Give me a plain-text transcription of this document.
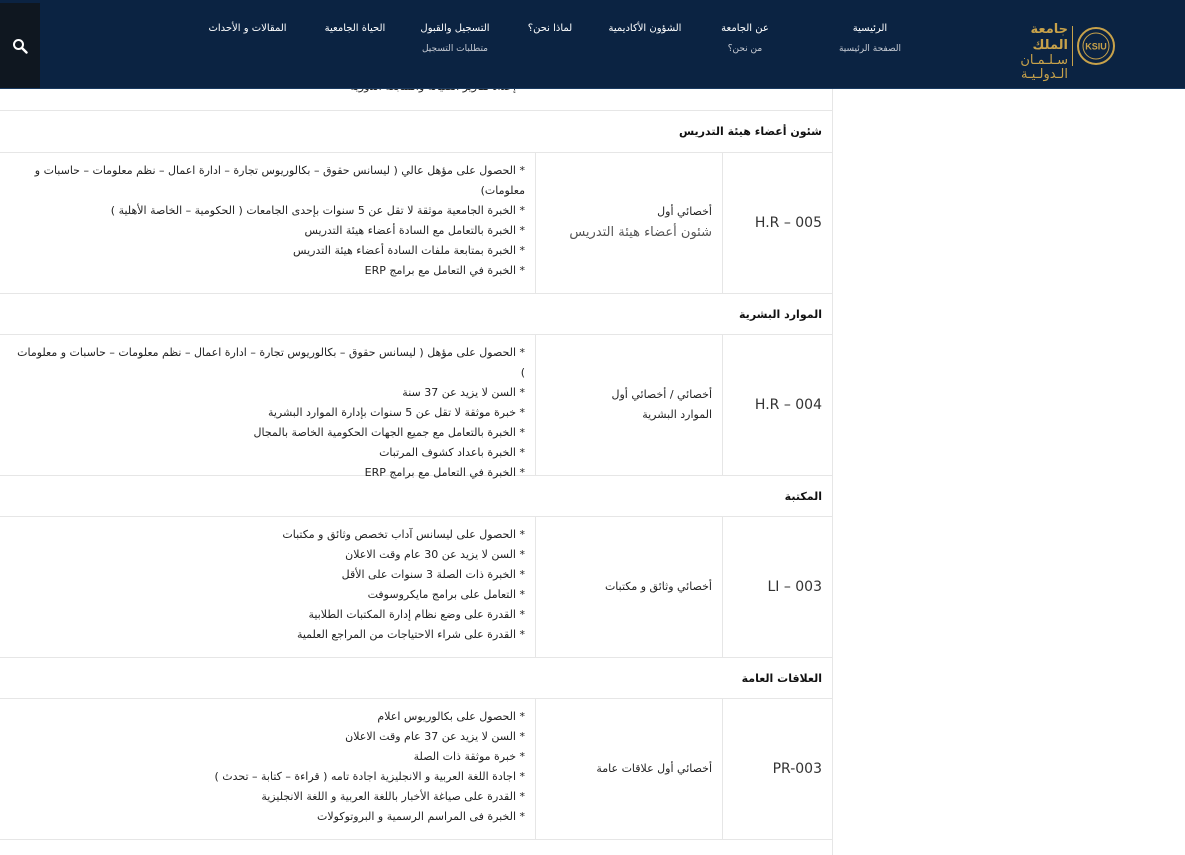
شئون أعضاء هيئة التدريس
H.R – 005
أخصائي أول
شئون أعضاء هيئة التدريس
* الحصول على مؤهل عالي ( ليسانس حقوق – بكالوريوس تجارة – ادارة اعمال – نظم معلومات – حاسبات و معلومات)
* الخبرة الجامعية موثقة لا تقل عن 5 سنوات بإحدى الجامعات ( الحكومية – الخاصة الأهلية )
* الخبرة بالتعامل مع السادة أعضاء هيئة التدريس
* الخبرة بمتابعة ملفات السادة أعضاء هيئة التدريس
* الخبرة في التعامل مع برامج ERP
الموارد البشرية
H.R – 004
أخصائي / أخصائي أول
الموارد البشرية
* الحصول على مؤهل ( ليسانس حقوق – بكالوريوس تجارة – ادارة اعمال – نظم معلومات – حاسبات و معلومات )
* السن لا يزيد عن 37 سنة
* خبرة موثقة لا تقل عن 5 سنوات بإدارة الموارد البشرية
* الخبرة بالتعامل مع جميع الجهات الحكومية الخاصة بالمجال
* الخبرة باعداد كشوف المرتبات
* الخبرة في التعامل مع برامج ERP
المكتبة
LI – 003
أخصائي وثائق و مكتبات
* الحصول على ليسانس آداب تخصص وثائق و مكتبات
* السن لا يزيد عن 30 عام وقت الاعلان
* الخبرة ذات الصلة 3 سنوات على الأقل
* التعامل على برامج مايكروسوفت
* القدرة على وضع نظام إدارة المكتبات الطلابية
* القدرة على شراء الاحتياجات من المراجع العلمية
العلاقات العامة
PR-003
أخصائي أول علاقات عامة
* الحصول على بكالوريوس اعلام
* السن لا يزيد عن 37 عام وقت الاعلان
* خبرة موثقة ذات الصلة
* اجادة اللغة العربية و الانجليزية اجادة تامه ( قراءة – كتابة – تحدث )
* القدرة على صياغة الأخبار باللغة العربية و اللغة الانجليزية
* الخبرة فى المراسم الرسمية و البروتوكولات
الرئيسية
الصفحة الرئيسية
عن الجامعة
من نحن؟
الشؤون الأكاديمية
لماذا نحن؟
التسجيل والقبول
متطلبات التسجيل
الحياة الجامعية
المقالات و الأحداث	جامعة الملك
سـلـمـان
الـدولـيـة
KSIU
